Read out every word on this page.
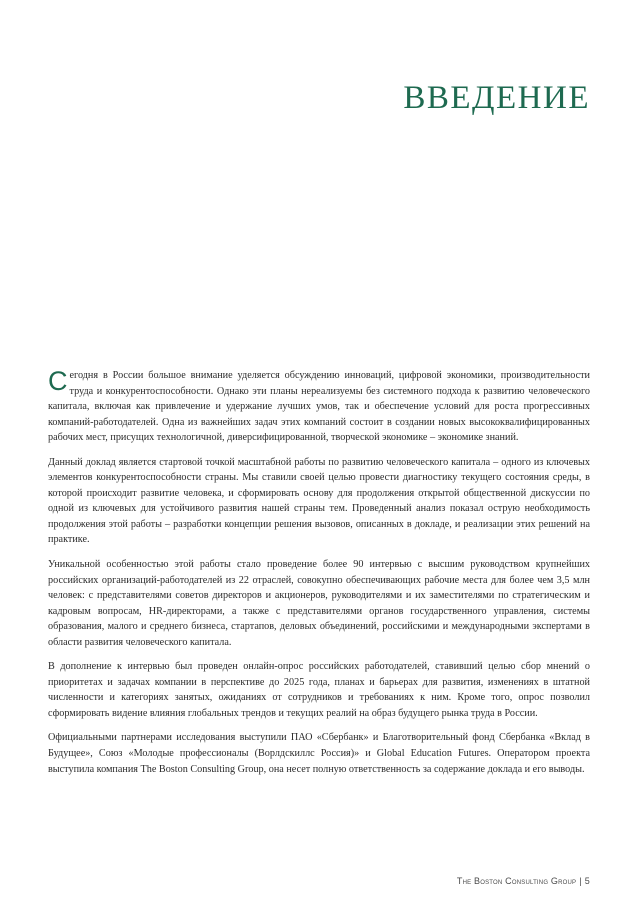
ВВЕДЕНИЕ

Сегодня в России большое внимание уделяется обсуждению инноваций, цифровой экономики, производительности труда и конкурентоспособности. Однако эти планы нереализуемы без системного подхода к развитию человеческого капитала, включая как привлечение и удержание лучших умов, так и обеспечение условий для роста прогрессивных компаний-работодателей. Одна из важнейших задач этих компаний состоит в создании новых высококвалифицированных рабочих мест, присущих технологичной, диверсифицированной, творческой экономике – экономике знаний.

Данный доклад является стартовой точкой масштабной работы по развитию человеческого капитала – одного из ключевых элементов конкурентоспособности страны. Мы ставили своей целью провести диагностику текущего состояния среды, в которой происходит развитие человека, и сформировать основу для продолжения открытой общественной дискуссии по одной из ключевых для устойчивого развития нашей страны тем. Проведенный анализ показал острую необходимость продолжения этой работы – разработки концепции решения вызовов, описанных в докладе, и реализации этих решений на практике.

Уникальной особенностью этой работы стало проведение более 90 интервью с высшим руководством крупнейших российских организаций-работодателей из 22 отраслей, совокупно обеспечивающих рабочие места для более чем 3,5 млн человек: с представителями советов директоров и акционеров, руководителями и их заместителями по стратегическим и кадровым вопросам, HR-директорами, а также с представителями органов государственного управления, системы образования, малого и среднего бизнеса, стартапов, деловых объединений, российскими и международными экспертами в области развития человеческого капитала.

В дополнение к интервью был проведен онлайн-опрос российских работодателей, ставивший целью сбор мнений о приоритетах и задачах компании в перспективе до 2025 года, планах и барьерах для развития, изменениях в штатной численности и категориях занятых, ожиданиях от сотрудников и требованиях к ним. Кроме того, опрос позволил сформировать видение влияния глобальных трендов и текущих реалий на образ будущего рынка труда в России.

Официальными партнерами исследования выступили ПАО «Сбербанк» и Благотворительный фонд Сбербанка «Вклад в Будущее», Союз «Молодые профессионалы (Ворлдскиллс Россия)» и Global Education Futures. Оператором проекта выступила компания The Boston Consulting Group, она несет полную ответственность за содержание доклада и его выводы.

The Boston Consulting Group | 5
